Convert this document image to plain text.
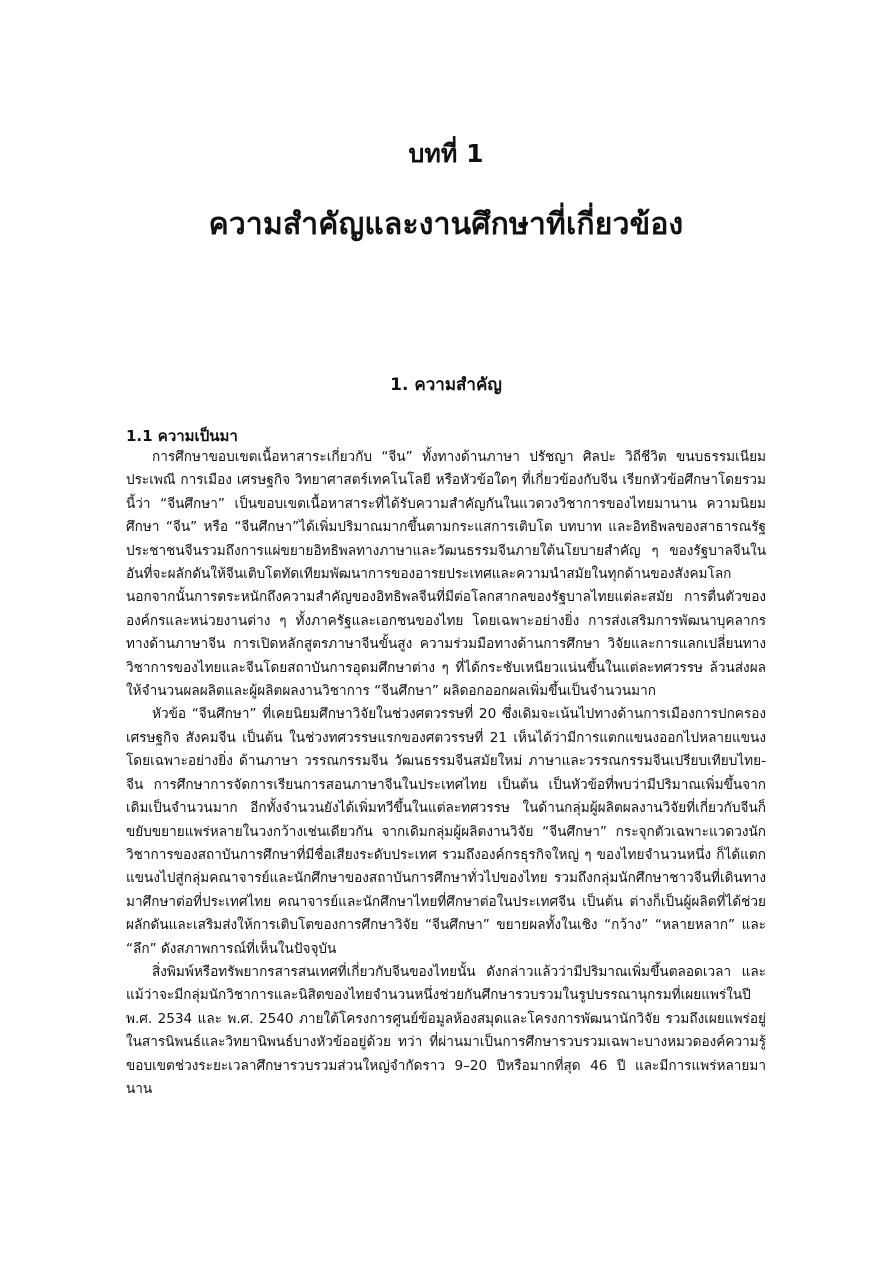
บทที่ 1
ความสำคัญและงานศึกษาที่เกี่ยวข้อง
1. ความสำคัญ
1.1 ความเป็นมา

การศึกษาขอบเขตเนื้อหาสาระเกี่ยวกับ “จีน” ทั้งทางด้านภาษา ปรัชญา ศิลปะ วิถีชีวิต ขนบธรรมเนียมประเพณี การเมือง เศรษฐกิจ วิทยาศาสตร์เทคโนโลยี หรือหัวข้อใดๆ ที่เกี่ยวข้องกับจีน เรียกหัวข้อศึกษาโดยรวมนี้ว่า “จีนศึกษา” เป็นขอบเขตเนื้อหาสาระที่ได้รับความสำคัญกันในแวดวงวิชาการของไทยมานาน ความนิยมศึกษา “จีน” หรือ “จีนศึกษา”ได้เพิ่มปริมาณมากขึ้นตามกระแสการเติบโต บทบาท และอิทธิพลของสาธารณรัฐประชาชนจีนรวมถึงการแผ่ขยายอิทธิพลทางภาษาและวัฒนธรรมจีนภายใต้นโยบายสำคัญ ๆ ของรัฐบาลจีนในอันที่จะผลักดันให้จีนเติบโตทัดเทียมพัฒนาการของอารยประเทศและความนำสมัยในทุกด้านของสังคมโลก นอกจากนั้นการตระหนักถึงความสำคัญของอิทธิพลจีนที่มีต่อโลกสากลของรัฐบาลไทยแต่ละสมัย การตื่นตัวขององค์กรและหน่วยงานต่าง ๆ ทั้งภาครัฐและเอกชนของไทย โดยเฉพาะอย่างยิ่ง การส่งเสริมการพัฒนาบุคลากรทางด้านภาษาจีน การเปิดหลักสูตรภาษาจีนขั้นสูง ความร่วมมือทางด้านการศึกษา วิจัยและการแลกเปลี่ยนทางวิชาการของไทยและจีนโดยสถาบันการอุดมศึกษาต่าง ๆ ที่ได้กระชับเหนียวแน่นขึ้นในแต่ละทศวรรษ ล้วนส่งผลให้จำนวนผลผลิตและผู้ผลิตผลงานวิชาการ “จีนศึกษา” ผลิดอกออกผลเพิ่มขึ้นเป็นจำนวนมาก

หัวข้อ “จีนศึกษา” ที่เคยนิยมศึกษาวิจัยในช่วงศตวรรษที่ 20 ซึ่งเดิมจะเน้นไปทางด้านการเมืองการปกครอง เศรษฐกิจ สังคมจีน เป็นต้น ในช่วงทศวรรษแรกของศตวรรษที่ 21 เห็นได้ว่ามีการแตกแขนงออกไปหลายแขนง โดยเฉพาะอย่างยิ่ง ด้านภาษา วรรณกรรมจีน วัฒนธรรมจีนสมัยใหม่ ภาษาและวรรณกรรมจีนเปรียบเทียบไทย-จีน การศึกษาการจัดการเรียนการสอนภาษาจีนในประเทศไทย เป็นต้น เป็นหัวข้อที่พบว่ามีปริมาณเพิ่มขึ้นจากเดิมเป็นจำนวนมาก อีกทั้งจำนวนยังได้เพิ่มทวีขึ้นในแต่ละทศวรรษ ในด้านกลุ่มผู้ผลิตผลงานวิจัยที่เกี่ยวกับจีนก็ขยับขยายแพร่หลายในวงกว้างเช่นเดียวกัน จากเดิมกลุ่มผู้ผลิตงานวิจัย “จีนศึกษา” กระจุกตัวเฉพาะแวดวงนักวิชาการของสถาบันการศึกษาที่มีชื่อเสียงระดับประเทศ รวมถึงองค์กรธุรกิจใหญ่ ๆ ของไทยจำนวนหนึ่ง ก็ได้แตกแขนงไปสู่กลุ่มคณาจารย์และนักศึกษาของสถาบันการศึกษาทั่วไปของไทย รวมถึงกลุ่มนักศึกษาชาวจีนที่เดินทางมาศึกษาต่อที่ประเทศไทย คณาจารย์และนักศึกษาไทยที่ศึกษาต่อในประเทศจีน เป็นต้น ต่างก็เป็นผู้ผลิตที่ได้ช่วยผลักดันและเสริมส่งให้การเติบโตของการศึกษาวิจัย “จีนศึกษา” ขยายผลทั้งในเชิง “กว้าง” “หลายหลาก” และ “ลึก” ดังสภาพการณ์ที่เห็นในปัจจุบัน

สิ่งพิมพ์หรือทรัพยากรสารสนเทศที่เกี่ยวกับจีนของไทยนั้น ดังกล่าวแล้วว่ามีปริมาณเพิ่มขึ้นตลอดเวลา และแม้ว่าจะมีกลุ่มนักวิชาการและนิสิตของไทยจำนวนหนึ่งช่วยกันศึกษารวบรวมในรูปบรรณานุกรมที่เผยแพร่ในปี พ.ศ. 2534 และ พ.ศ. 2540 ภายใต้โครงการศูนย์ข้อมูลห้องสมุดและโครงการพัฒนานักวิจัย รวมถึงเผยแพร่อยู่ในสารนิพนธ์และวิทยานิพนธ์บางหัวข้ออยู่ด้วย ทว่า ที่ผ่านมาเป็นการศึกษารวบรวมเฉพาะบางหมวดองค์ความรู้ ขอบเขตช่วงระยะเวลาศึกษารวบรวมส่วนใหญ่จำกัดราว 9–20 ปีหรือมากที่สุด 46 ปี และมีการแพร่หลายมานาน
